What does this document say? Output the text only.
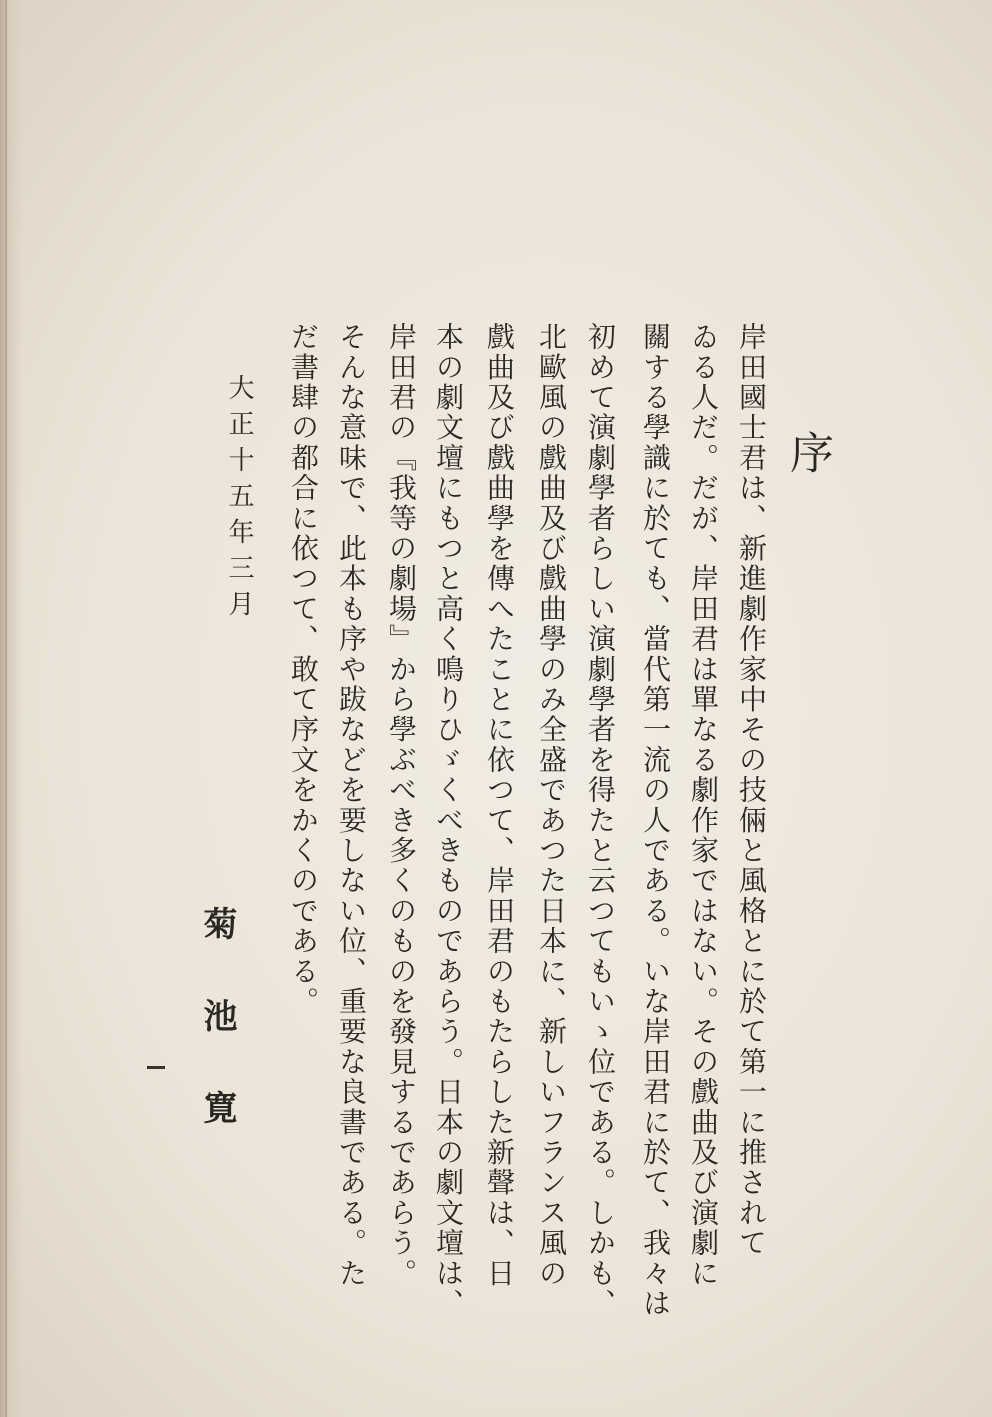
序
岸田國士君は、新進劇作家中その技倆と風格とに於て第一に推されて
ゐる人だ。だが、岸田君は單なる劇作家ではない。その戲曲及び演劇に
關する學識に於ても、當代第一流の人である。いな岸田君に於て、我々は
初めて演劇學者らしい演劇學者を得たと云つてもいゝ位である。しかも、
北歐風の戲曲及び戲曲學のみ全盛であつた日本に、新しいフランス風の
戲曲及び戲曲學を傳へたことに依つて、岸田君のもたらした新聲は、日
本の劇文壇にもつと高く鳴りひゞくべきものであらう。日本の劇文壇は、
岸田君の『我等の劇場』から學ぶべき多くのものを發見するであらう。
そんな意味で、此本も序や跋などを要しない位、重要な良書である。た
だ書肆の都合に依つて、敢て序文をかくのである。
大正十五年三月
菊池寛
